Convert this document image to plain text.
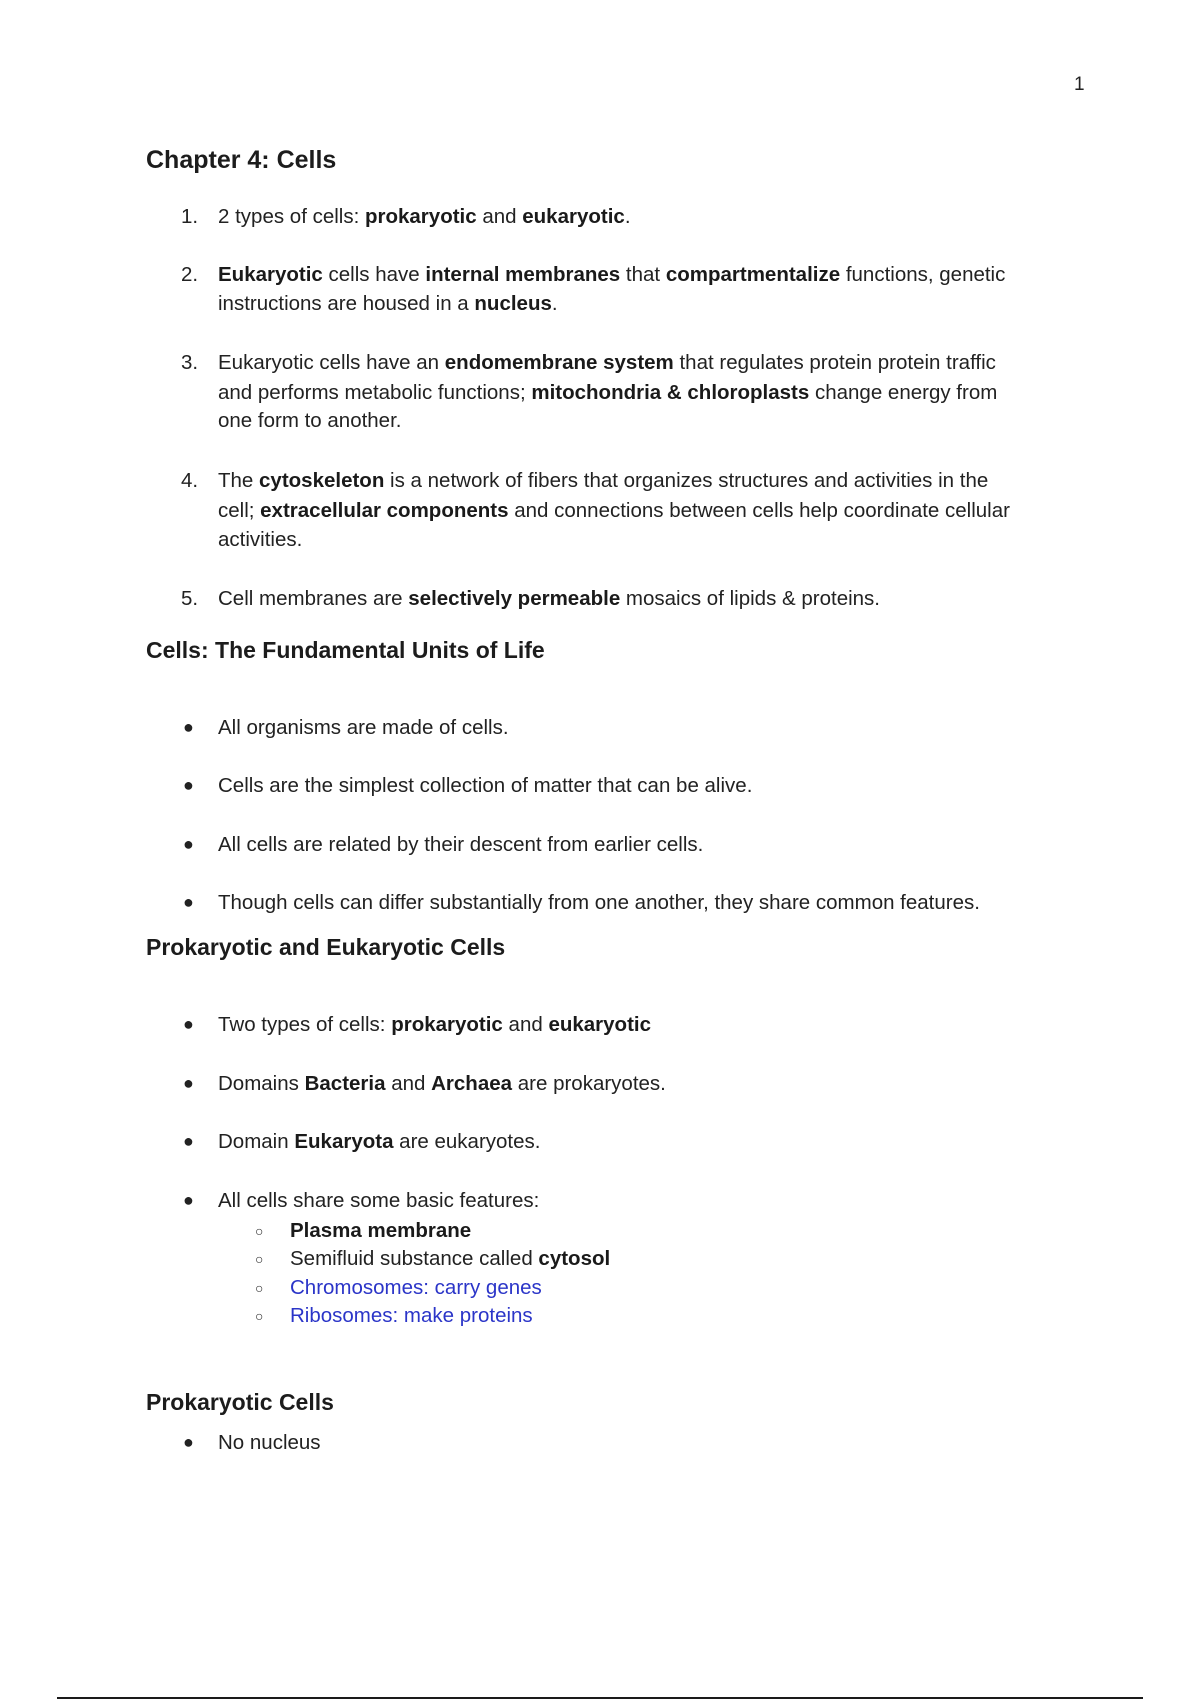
1
Chapter 4: Cells
1. 2 types of cells: prokaryotic and eukaryotic.
2. Eukaryotic cells have internal membranes that compartmentalize functions, genetic
instructions are housed in a nucleus.
3. Eukaryotic cells have an endomembrane system that regulates protein protein traffic
and performs metabolic functions; mitochondria & chloroplasts change energy from
one form to another.
4. The cytoskeleton is a network of fibers that organizes structures and activities in the
cell; extracellular components and connections between cells help coordinate cellular
activities.
5. Cell membranes are selectively permeable mosaics of lipids & proteins.
Cells: The Fundamental Units of Life
● All organisms are made of cells.
● Cells are the simplest collection of matter that can be alive.
● All cells are related by their descent from earlier cells.
● Though cells can differ substantially from one another, they share common features.
Prokaryotic and Eukaryotic Cells
● Two types of cells: prokaryotic and eukaryotic
● Domains Bacteria and Archaea are prokaryotes.
● Domain Eukaryota are eukaryotes.
● All cells share some basic features:
○ Plasma membrane
○ Semifluid substance called cytosol
○ Chromosomes: carry genes
○ Ribosomes: make proteins
Prokaryotic Cells
● No nucleus
